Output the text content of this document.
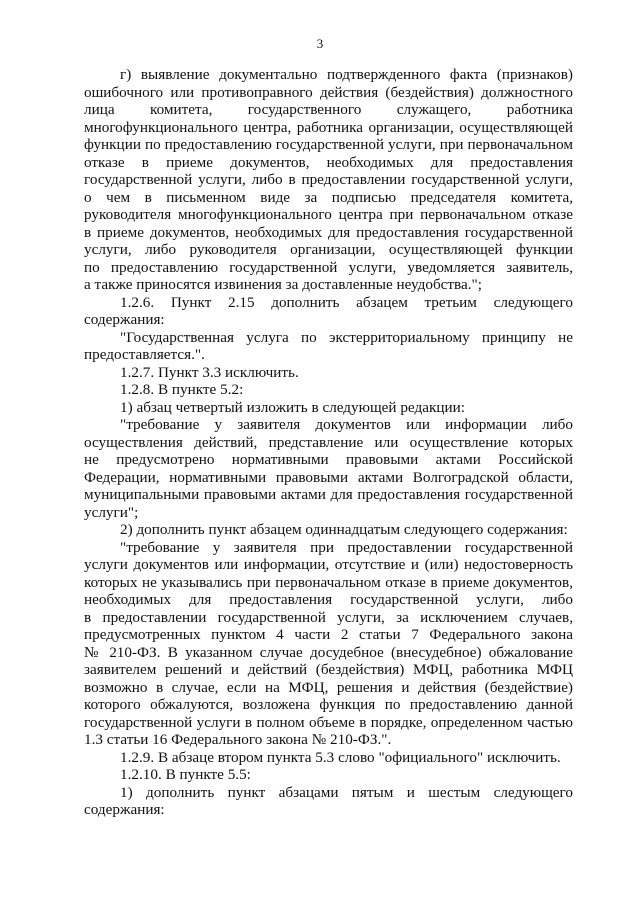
3
г) выявление документально подтвержденного факта (признаков)
ошибочного или противоправного действия (бездействия) должностного
лица комитета, государственного служащего, работника
многофункционального центра, работника организации, осуществляющей
функции по предоставлению государственной услуги, при первоначальном
отказе в приеме документов, необходимых для предоставления
государственной услуги, либо в предоставлении государственной услуги,
о чем в письменном виде за подписью председателя комитета,
руководителя многофункционального центра при первоначальном отказе
в приеме документов, необходимых для предоставления государственной
услуги, либо руководителя организации, осуществляющей функции
по предоставлению государственной услуги, уведомляется заявитель,
а также приносятся извинения за доставленные неудобства.";
1.2.6. Пункт 2.15 дополнить абзацем третьим следующего
содержания:
"Государственная услуга по экстерриториальному принципу не
предоставляется.".
1.2.7. Пункт 3.3 исключить.
1.2.8. В пункте 5.2:
1) абзац четвертый изложить в следующей редакции:
"требование у заявителя документов или информации либо
осуществления действий, представление или осуществление которых
не предусмотрено нормативными правовыми актами Российской
Федерации, нормативными правовыми актами Волгоградской области,
муниципальными правовыми актами для предоставления государственной
услуги";
2) дополнить пункт абзацем одиннадцатым следующего содержания:
"требование у заявителя при предоставлении государственной
услуги документов или информации, отсутствие и (или) недостоверность
которых не указывались при первоначальном отказе в приеме документов,
необходимых для предоставления государственной услуги, либо
в предоставлении государственной услуги, за исключением случаев,
предусмотренных пунктом 4 части 2 статьи 7 Федерального закона
№ 210-ФЗ. В указанном случае досудебное (внесудебное) обжалование
заявителем решений и действий (бездействия) МФЦ, работника МФЦ
возможно в случае, если на МФЦ, решения и действия (бездействие)
которого обжалуются, возложена функция по предоставлению данной
государственной услуги в полном объеме в порядке, определенном частью
1.3 статьи 16 Федерального закона № 210-ФЗ.".
1.2.9. В абзаце втором пункта 5.3 слово "официального" исключить.
1.2.10. В пункте 5.5:
1) дополнить пункт абзацами пятым и шестым следующего
содержания:
